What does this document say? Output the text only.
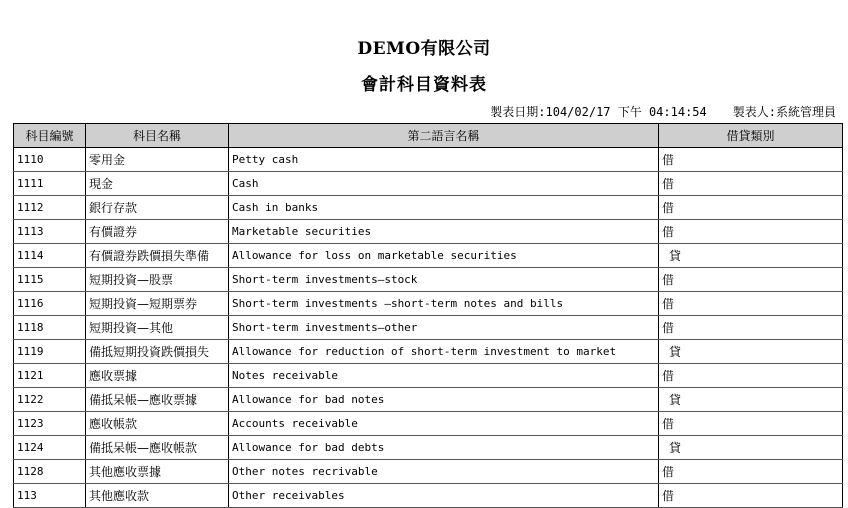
DEMO有限公司
會計科目資料表
製表日期:104/02/17 下午 04:14:54 製表人:系統管理員
科目編號	科目名稱	第二語言名稱	借貸類別
1110	零用金	Petty cash	借
1111	現金	Cash	借
1112	銀行存款	Cash in banks	借
1113	有價證券	Marketable securities	借
1114	有價證券跌價損失準備	Allowance for loss on marketable securities	貸
1115	短期投資—股票	Short-term investments—stock	借
1116	短期投資—短期票券	Short-term investments —short-term notes and bills	借
1118	短期投資—其他	Short-term investments—other	借
1119	備抵短期投資跌價損失	Allowance for reduction of short-term investment to market	貸
1121	應收票據	Notes receivable	借
1122	備抵呆帳—應收票據	Allowance for bad notes	貸
1123	應收帳款	Accounts receivable	借
1124	備抵呆帳—應收帳款	Allowance for bad debts	貸
1128	其他應收票據	Other notes recrivable	借
113	其他應收款	Other receivables	借
